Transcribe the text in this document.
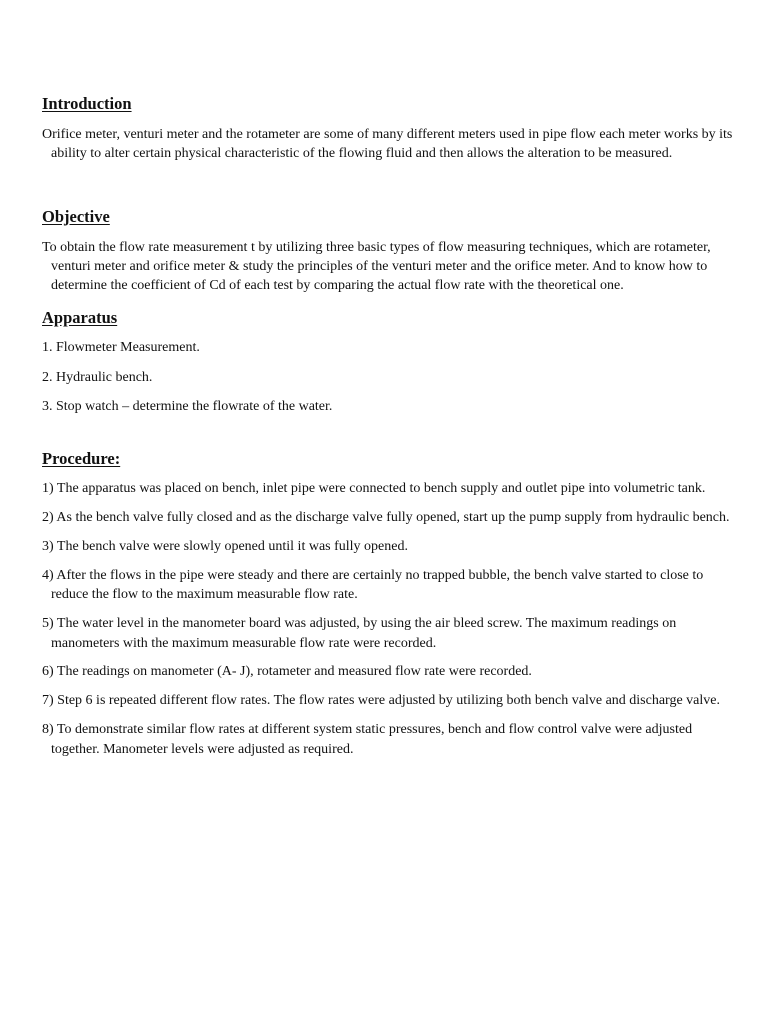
Introduction

Orifice meter, venturi meter and the rotameter are some of many different meters used in pipe flow each meter works by its ability to alter certain physical characteristic of the flowing fluid and then allows the alteration to be measured.

Objective

To obtain the flow rate measurement t by utilizing three basic types of flow measuring techniques, which are rotameter, venturi meter and orifice meter & study the principles of the venturi meter and the orifice meter. And to know how to determine the coefficient of Cd of each test by comparing the actual flow rate with the theoretical one.

Apparatus

1. Flowmeter Measurement.

2. Hydraulic bench.

3. Stop watch – determine the flowrate of the water.

Procedure:

1) The apparatus was placed on bench, inlet pipe were connected to bench supply and outlet pipe into volumetric tank.

2) As the bench valve fully closed and as the discharge valve fully opened, start up the pump supply from hydraulic bench.

3) The bench valve were slowly opened until it was fully opened.

4) After the flows in the pipe were steady and there are certainly no trapped bubble, the bench valve started to close to reduce the flow to the maximum measurable flow rate.

5) The water level in the manometer board was adjusted, by using the air bleed screw. The maximum readings on manometers with the maximum measurable flow rate were recorded.

6) The readings on manometer (A- J), rotameter and measured flow rate were recorded.

7) Step 6 is repeated different flow rates. The flow rates were adjusted by utilizing both bench valve and discharge valve.

8) To demonstrate similar flow rates at different system static pressures, bench and flow control valve were adjusted together. Manometer levels were adjusted as required.
